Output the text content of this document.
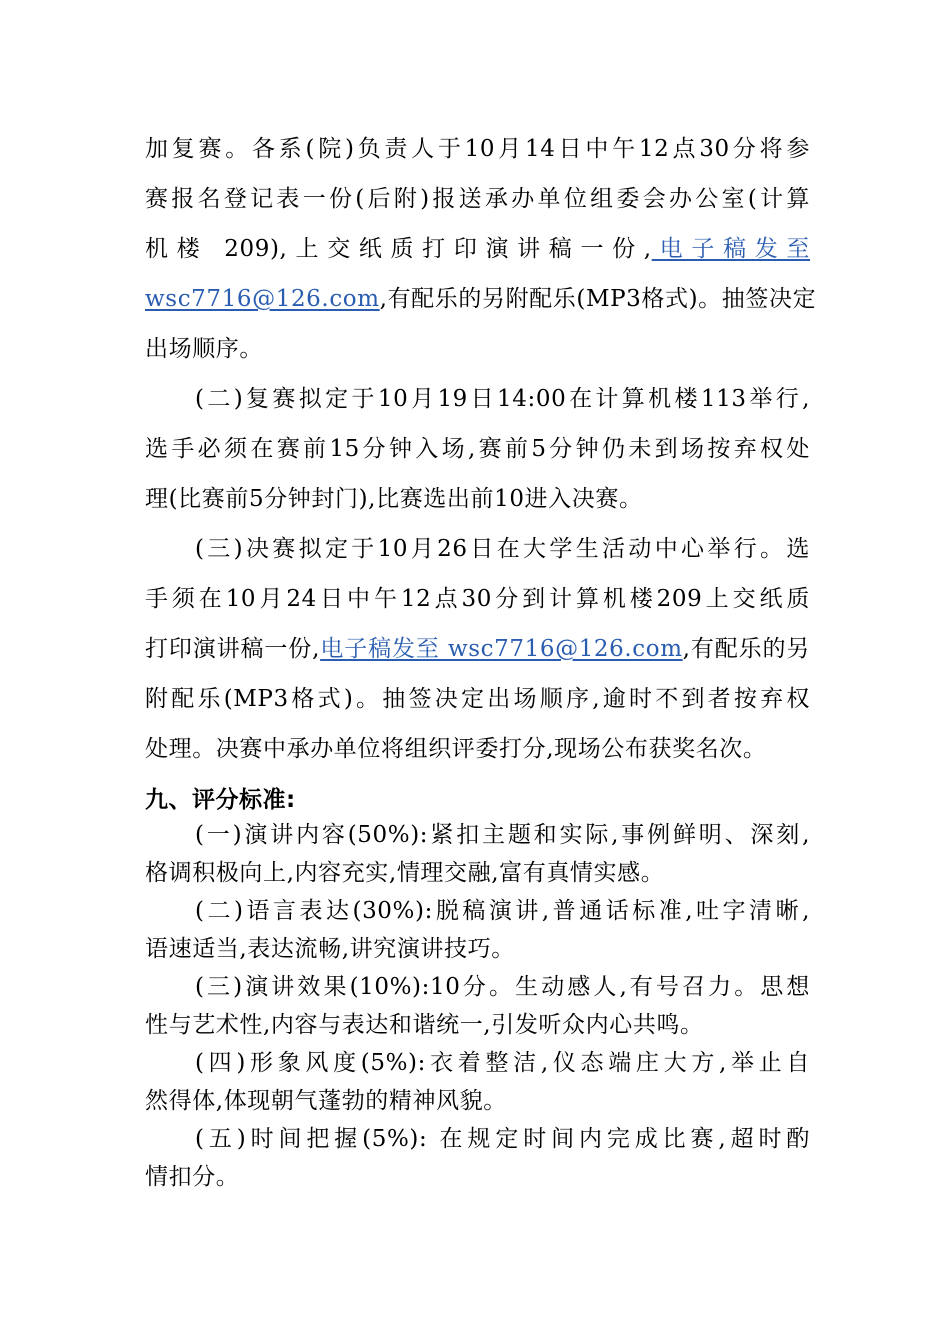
加复赛。各系(院)负责人于10月14日中午12点30分将参
赛报名登记表一份(后附)报送承办单位组委会办公室(计算
机楼 209),上交纸质打印演讲稿一份,电子稿发至
wsc7716@126.com,有配乐的另附配乐(MP3格式)。抽签决定
出场顺序。
(二)复赛拟定于10月19日14:00在计算机楼113举行,
选手必须在赛前15分钟入场,赛前5分钟仍未到场按弃权处
理(比赛前5分钟封门),比赛选出前10进入决赛。
(三)决赛拟定于10月26日在大学生活动中心举行。选
手须在10月24日中午12点30分到计算机楼209上交纸质
打印演讲稿一份,电子稿发至 wsc7716@126.com,有配乐的另
附配乐(MP3格式)。抽签决定出场顺序,逾时不到者按弃权
处理。决赛中承办单位将组织评委打分,现场公布获奖名次。
九、评分标准:
(一)演讲内容(50%):紧扣主题和实际,事例鲜明、深刻,
格调积极向上,内容充实,情理交融,富有真情实感。
(二)语言表达(30%):脱稿演讲,普通话标准,吐字清晰,
语速适当,表达流畅,讲究演讲技巧。
(三)演讲效果(10%):10分。生动感人,有号召力。思想
性与艺术性,内容与表达和谐统一,引发听众内心共鸣。
(四)形象风度(5%):衣着整洁,仪态端庄大方,举止自
然得体,体现朝气蓬勃的精神风貌。
(五)时间把握(5%): 在规定时间内完成比赛,超时酌
情扣分。
